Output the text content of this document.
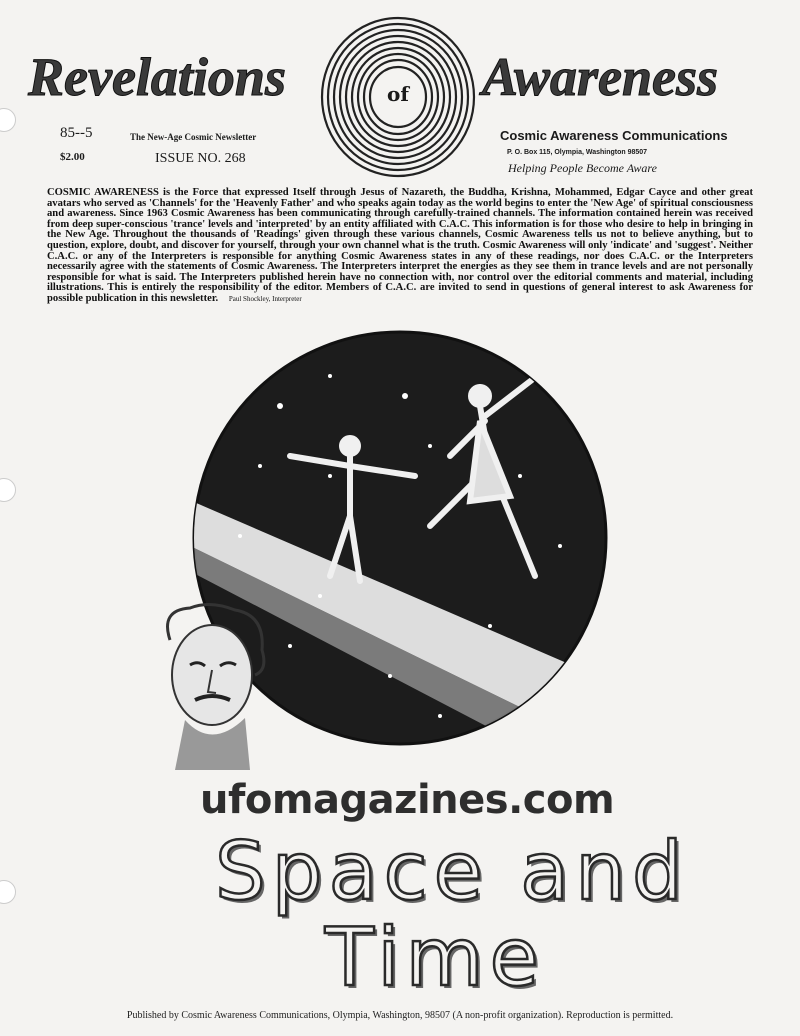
Revelations	of Awareness
85--5
$2.00
The New-Age Cosmic Newsletter
ISSUE NO. 268
Cosmic Awareness Communications
P. O. Box 115, Olympia, Washington 98507
Helping People Become Aware
COSMIC AWARENESS is the Force that expressed Itself through Jesus of Nazareth, the Buddha, Krishna, Mohammed, Edgar Cayce and other great avatars who served as 'Channels' for the 'Heavenly Father' and who speaks again today as the world begins to enter the 'New Age' of spiritual consciousness and awareness. Since 1963 Cosmic Awareness has been communicating through carefully-trained channels. The information contained herein was received from deep super-conscious 'trance' levels and 'interpreted' by an entity affiliated with C.A.C. This information is for those who desire to help in bringing in the New Age. Throughout the thousands of 'Readings' given through these various channels, Cosmic Awareness tells us not to believe anything, but to question, explore, doubt, and discover for yourself, through your own channel what is the truth. Cosmic Awareness will only 'indicate' and 'suggest'. Neither C.A.C. or any of the Interpreters is responsible for anything Cosmic Awareness states in any of these readings, nor does C.A.C. or the Interpreters necessarily agree with the statements of Cosmic Awareness. The Interpreters interpret the energies as they see them in trance levels and are not personally responsible for what is said. The Interpreters published herein have no connection with, nor control over the editorial comments and material, including illustrations. This is entirely the responsibility of the editor. Members of C.A.C. are invited to send in questions of general interest to ask Awareness for possible publication in this newsletter. Paul Shockley, Interpreter
ufomagazines.com
Space and
Time
Published by Cosmic Awareness Communications, Olympia, Washington, 98507 (A non-profit organization). Reproduction is permitted.
